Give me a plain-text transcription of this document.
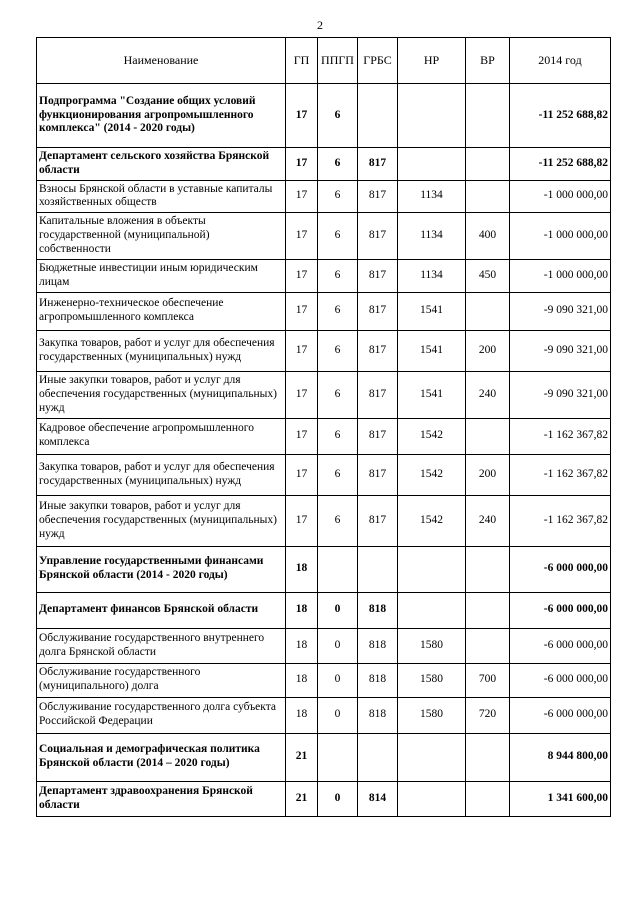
2
Наименование	ГП	ППГП	ГРБС	НР	ВР	2014 год
Подпрограмма "Создание общих условий функционирования агропромышленного комплекса" (2014 - 2020 годы)	17	6				-11 252 688,82
Департамент сельского хозяйства Брянской области	17	6	817			-11 252 688,82
Взносы Брянской области в уставные капиталы хозяйственных обществ	17	6	817	1134		-1 000 000,00
Капитальные вложения в объекты государственной (муниципальной) собственности	17	6	817	1134	400	-1 000 000,00
Бюджетные инвестиции иным юридическим лицам	17	6	817	1134	450	-1 000 000,00
Инженерно-техническое обеспечение агропромышленного комплекса	17	6	817	1541		-9 090 321,00
Закупка товаров, работ и услуг для обеспечения государственных (муниципальных) нужд	17	6	817	1541	200	-9 090 321,00
Иные закупки товаров, работ и услуг для обеспечения государственных (муниципальных) нужд	17	6	817	1541	240	-9 090 321,00
Кадровое обеспечение агропромышленного комплекса	17	6	817	1542		-1 162 367,82
Закупка товаров, работ и услуг для обеспечения государственных (муниципальных) нужд	17	6	817	1542	200	-1 162 367,82
Иные закупки товаров, работ и услуг для обеспечения государственных (муниципальных) нужд	17	6	817	1542	240	-1 162 367,82
Управление государственными финансами Брянской области (2014 - 2020 годы)	18					-6 000 000,00
Департамент финансов Брянской области	18	0	818			-6 000 000,00
Обслуживание государственного внутреннего долга Брянской области	18	0	818	1580		-6 000 000,00
Обслуживание государственного (муниципального) долга	18	0	818	1580	700	-6 000 000,00
Обслуживание государственного долга субъекта Российской Федерации	18	0	818	1580	720	-6 000 000,00
Социальная и демографическая политика Брянской области (2014 – 2020 годы)	21					8 944 800,00
Департамент здравоохранения Брянской области	21	0	814			1 341 600,00
